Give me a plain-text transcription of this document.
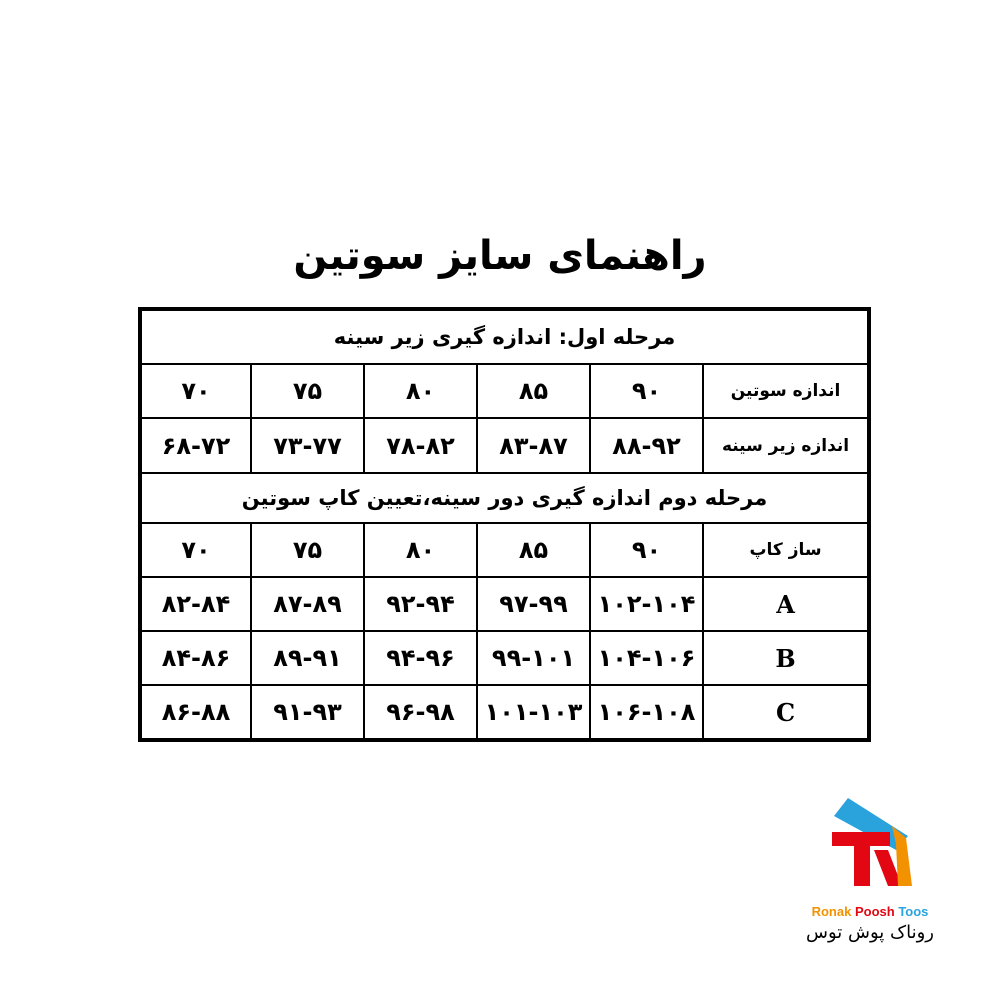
راهنمای سایز سوتین
مرحله اول: اندازه گیری زیر سینه					
اندازه سوتین	۹۰	۸۵	۸۰	۷۵	۷۰
اندازه زیر سینه	۸۸-۹۲	۸۳-۸۷	۷۸-۸۲	۷۳-۷۷	۶۸-۷۲
مرحله دوم اندازه گیری دور سینه،تعیین کاپ سوتین					
ساز کاپ	۹۰	۸۵	۸۰	۷۵	۷۰
A	۱۰۲-۱۰۴	۹۷-۹۹	۹۲-۹۴	۸۷-۸۹	۸۲-۸۴
B	۱۰۴-۱۰۶	۹۹-۱۰۱	۹۴-۹۶	۸۹-۹۱	۸۴-۸۶
C	۱۰۶-۱۰۸	۱۰۱-۱۰۳	۹۶-۹۸	۹۱-۹۳	۸۶-۸۸
Ronak Poosh Toos
روناک پوش توس
